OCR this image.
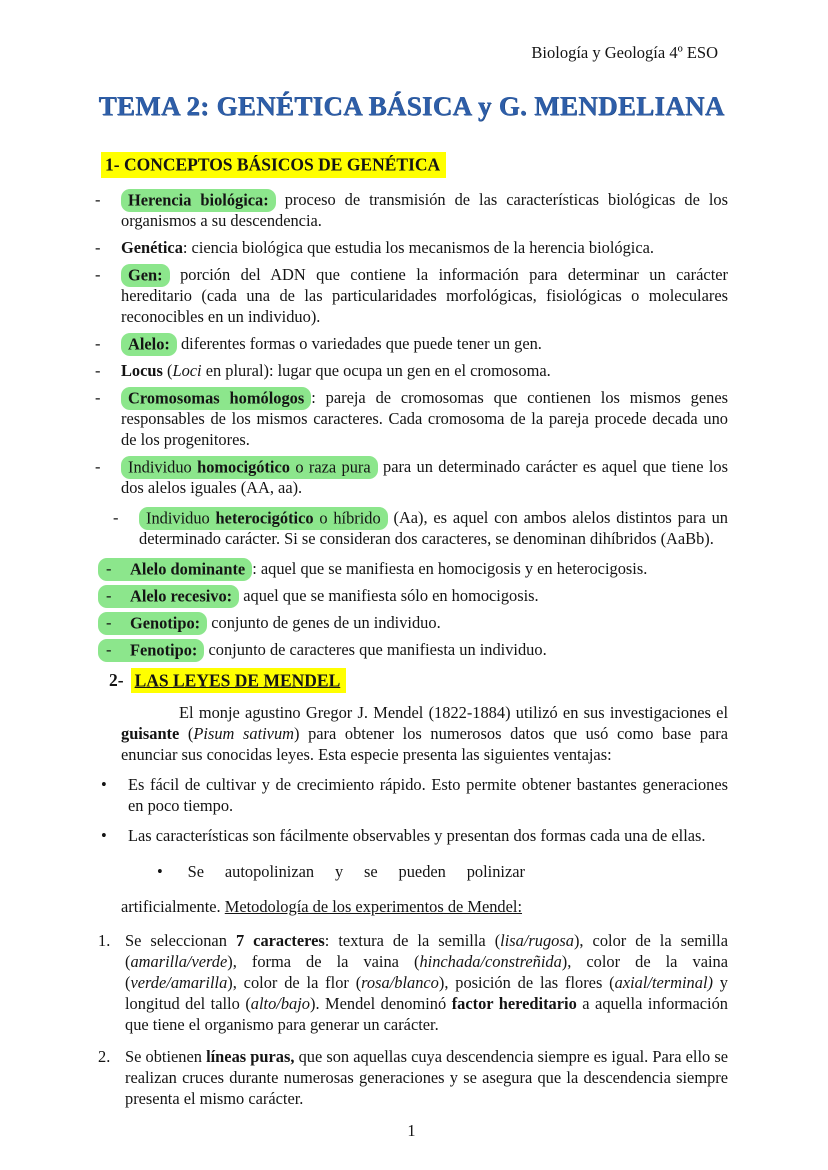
Biología y Geología 4º ESO
TEMA 2: GENÉTICA BÁSICA y G. MENDELIANA
1- CONCEPTOS BÁSICOS DE GENÉTICA
-	Herencia biológica: proceso de transmisión de las características biológicas de los organismos a su descendencia.
-	Genética: ciencia biológica que estudia los mecanismos de la herencia biológica.
-	Gen: porción del ADN que contiene la información para determinar un carácter hereditario (cada una de las particularidades morfológicas, fisiológicas o moleculares reconocibles en un individuo).
-	Alelo: diferentes formas o variedades que puede tener un gen.
-	Locus (Loci en plural): lugar que ocupa un gen en el cromosoma.
-	Cromosomas homólogos : pareja de cromosomas que contienen los mismos genes responsables de los mismos caracteres. Cada cromosoma de la pareja procede decada uno de los progenitores.
-	Individuo homocigótico o raza pura para un determinado carácter es aquel que tiene los dos alelos iguales (AA, aa).
-	Individuo heterocigótico o híbrido (Aa), es aquel con ambos alelos distintos para un determinado carácter. Si se consideran dos caracteres, se denominan dihíbridos (AaBb).
- Alelo dominante : aquel que se manifiesta en homocigosis y en heterocigosis.
- Alelo recesivo: aquel que se manifiesta sólo en homocigosis.
- Genotipo: conjunto de genes de un individuo.
- Fenotipo: conjunto de caracteres que manifiesta un individuo.
2- LAS LEYES DE MENDEL
El monje agustino Gregor J. Mendel (1822-1884) utilizó en sus investigaciones el guisante (Pisum sativum) para obtener los numerosos datos que usó como base para enunciar sus conocidas leyes. Esta especie presenta las siguientes ventajas:
•	Es fácil de cultivar y de crecimiento rápido. Esto permite obtener bastantes generaciones en poco tiempo.
•	Las características son fácilmente observables y presentan dos formas cada una de ellas.
• Se autopolinizan y se pueden polinizar artificialmente. Metodología de los experimentos de Mendel:
1. Se seleccionan 7 caracteres: textura de la semilla (lisa/rugosa), color de la semilla (amarilla/verde), forma de la vaina (hinchada/constreñida), color de la vaina (verde/amarilla), color de la flor (rosa/blanco), posición de las flores (axial/terminal) y longitud del tallo (alto/bajo). Mendel denominó factor hereditario a aquella información que tiene el organismo para generar un carácter.
2. Se obtienen líneas puras, que son aquellas cuya descendencia siempre es igual. Para ello se realizan cruces durante numerosas generaciones y se asegura que la descendencia siempre presenta el mismo carácter.
1
